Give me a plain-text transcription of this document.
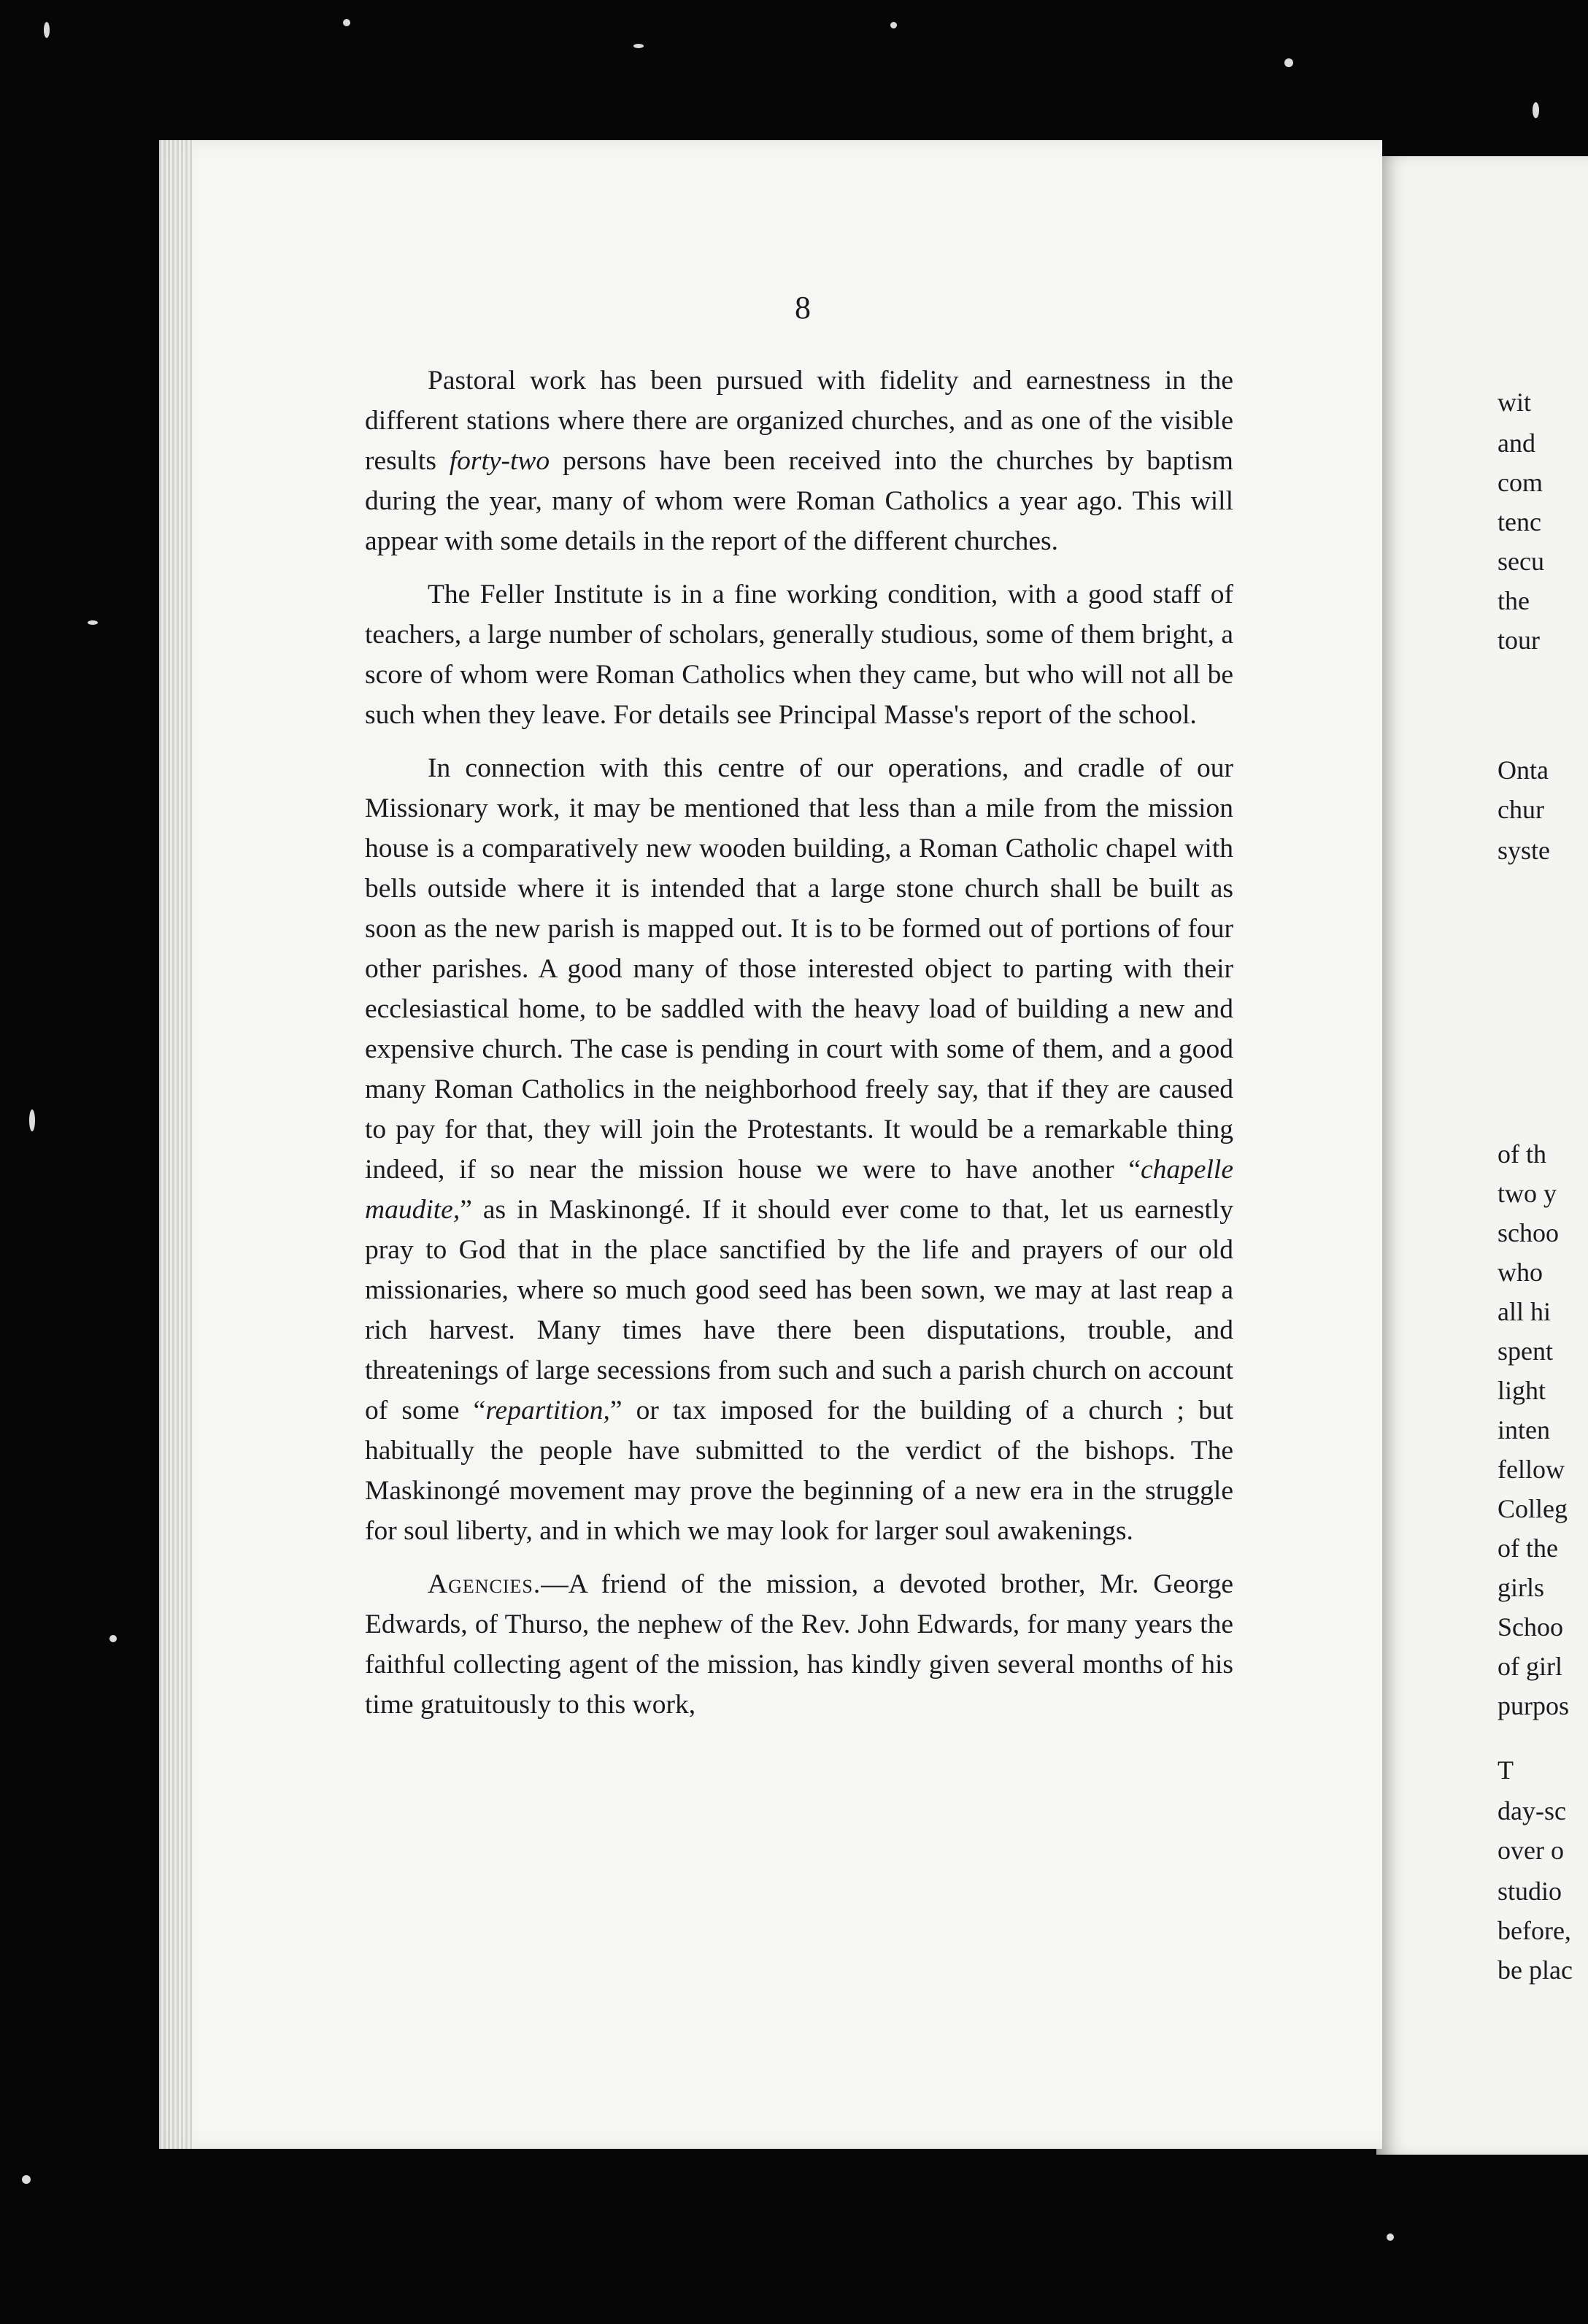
wit
and
com
tenc
secu
the
tour
Onta
chur
syste
of th
two y
schoo
who
all hi
spent
light
inten
fellow
Colleg
of the
girls
Schoo
of girl
purpos
T
day-sc
over o
studio
before,
be plac
8

Pastoral work has been pursued with fidelity and earnestness in the different stations where there are organized churches, and as one of the visible results forty-two persons have been received into the churches by baptism during the year, many of whom were Roman Catholics a year ago. This will appear with some details in the report of the different churches.

The Feller Institute is in a fine working condition, with a good staff of teachers, a large number of scholars, generally studious, some of them bright, a score of whom were Roman Catholics when they came, but who will not all be such when they leave. For details see Principal Masse's report of the school.

In connection with this centre of our operations, and cradle of our Missionary work, it may be mentioned that less than a mile from the mission house is a comparatively new wooden building, a Roman Catholic chapel with bells outside where it is intended that a large stone church shall be built as soon as the new parish is mapped out. It is to be formed out of portions of four other parishes. A good many of those interested object to parting with their ecclesiastical home, to be saddled with the heavy load of building a new and expensive church. The case is pending in court with some of them, and a good many Roman Catholics in the neighborhood freely say, that if they are caused to pay for that, they will join the Protestants. It would be a remarkable thing indeed, if so near the mission house we were to have another “chapelle maudite,” as in Maskinongé. If it should ever come to that, let us earnestly pray to God that in the place sanctified by the life and prayers of our old missionaries, where so much good seed has been sown, we may at last reap a rich harvest. Many times have there been disputations, trouble, and threatenings of large secessions from such and such a parish church on account of some “repartition,” or tax imposed for the building of a church ; but habitually the people have submitted to the verdict of the bishops. The Maskinongé movement may prove the beginning of a new era in the struggle for soul liberty, and in which we may look for larger soul awakenings.

Agencies.—A friend of the mission, a devoted brother, Mr. George Edwards, of Thurso, the nephew of the Rev. John Edwards, for many years the faithful collecting agent of the mission, has kindly given several months of his time gratuitously to this work,
